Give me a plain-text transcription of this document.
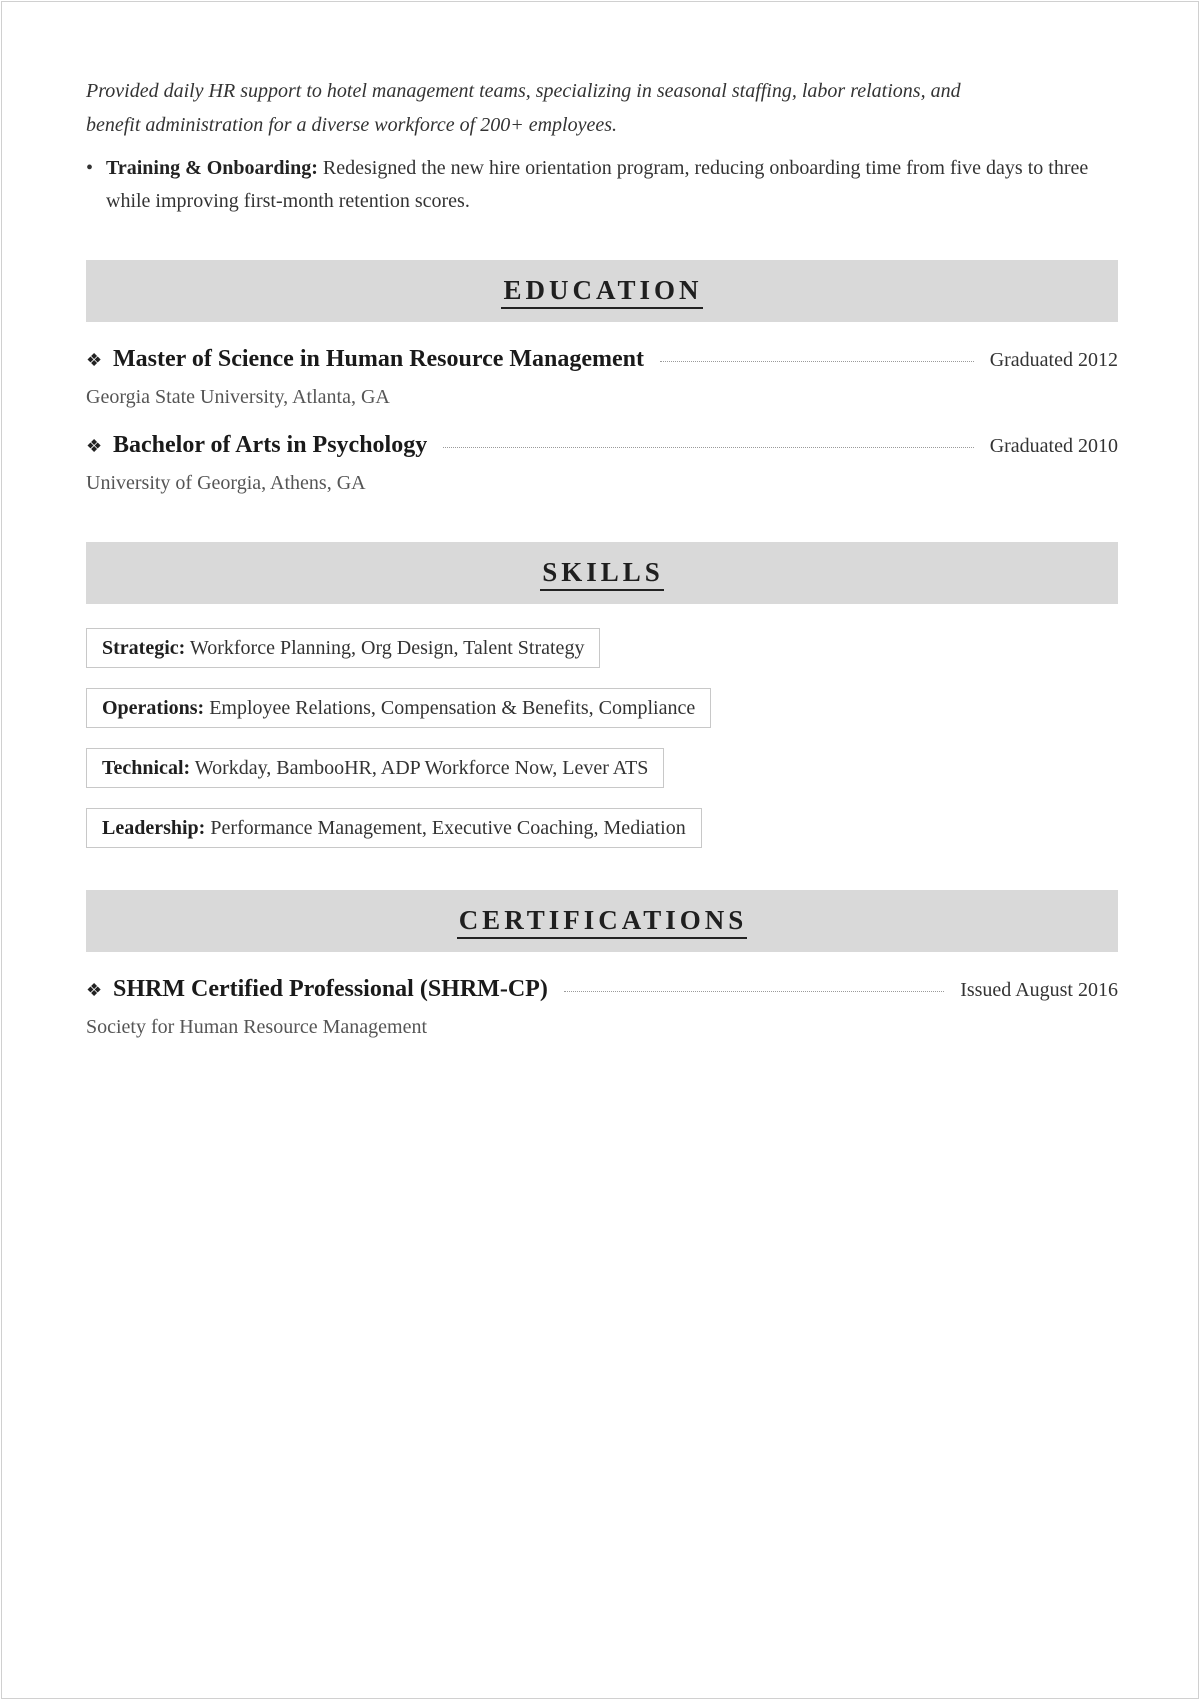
Provided daily HR support to hotel management teams, specializing in seasonal staffing, labor relations, and benefit administration for a diverse workforce of 200+ employees.

• Training & Onboarding: Redesigned the new hire orientation program, reducing onboarding time from five days to three while improving first-month retention scores.
EDUCATION
❖ Master of Science in Human Resource Management	Graduated 2012
Georgia State University, Atlanta, GA
❖ Bachelor of Arts in Psychology	Graduated 2010
University of Georgia, Athens, GA
SKILLS
Strategic: Workforce Planning, Org Design, Talent Strategy
Operations: Employee Relations, Compensation & Benefits, Compliance
Technical: Workday, BambooHR, ADP Workforce Now, Lever ATS
Leadership: Performance Management, Executive Coaching, Mediation
CERTIFICATIONS
❖ SHRM Certified Professional (SHRM-CP)	Issued August 2016
Society for Human Resource Management
